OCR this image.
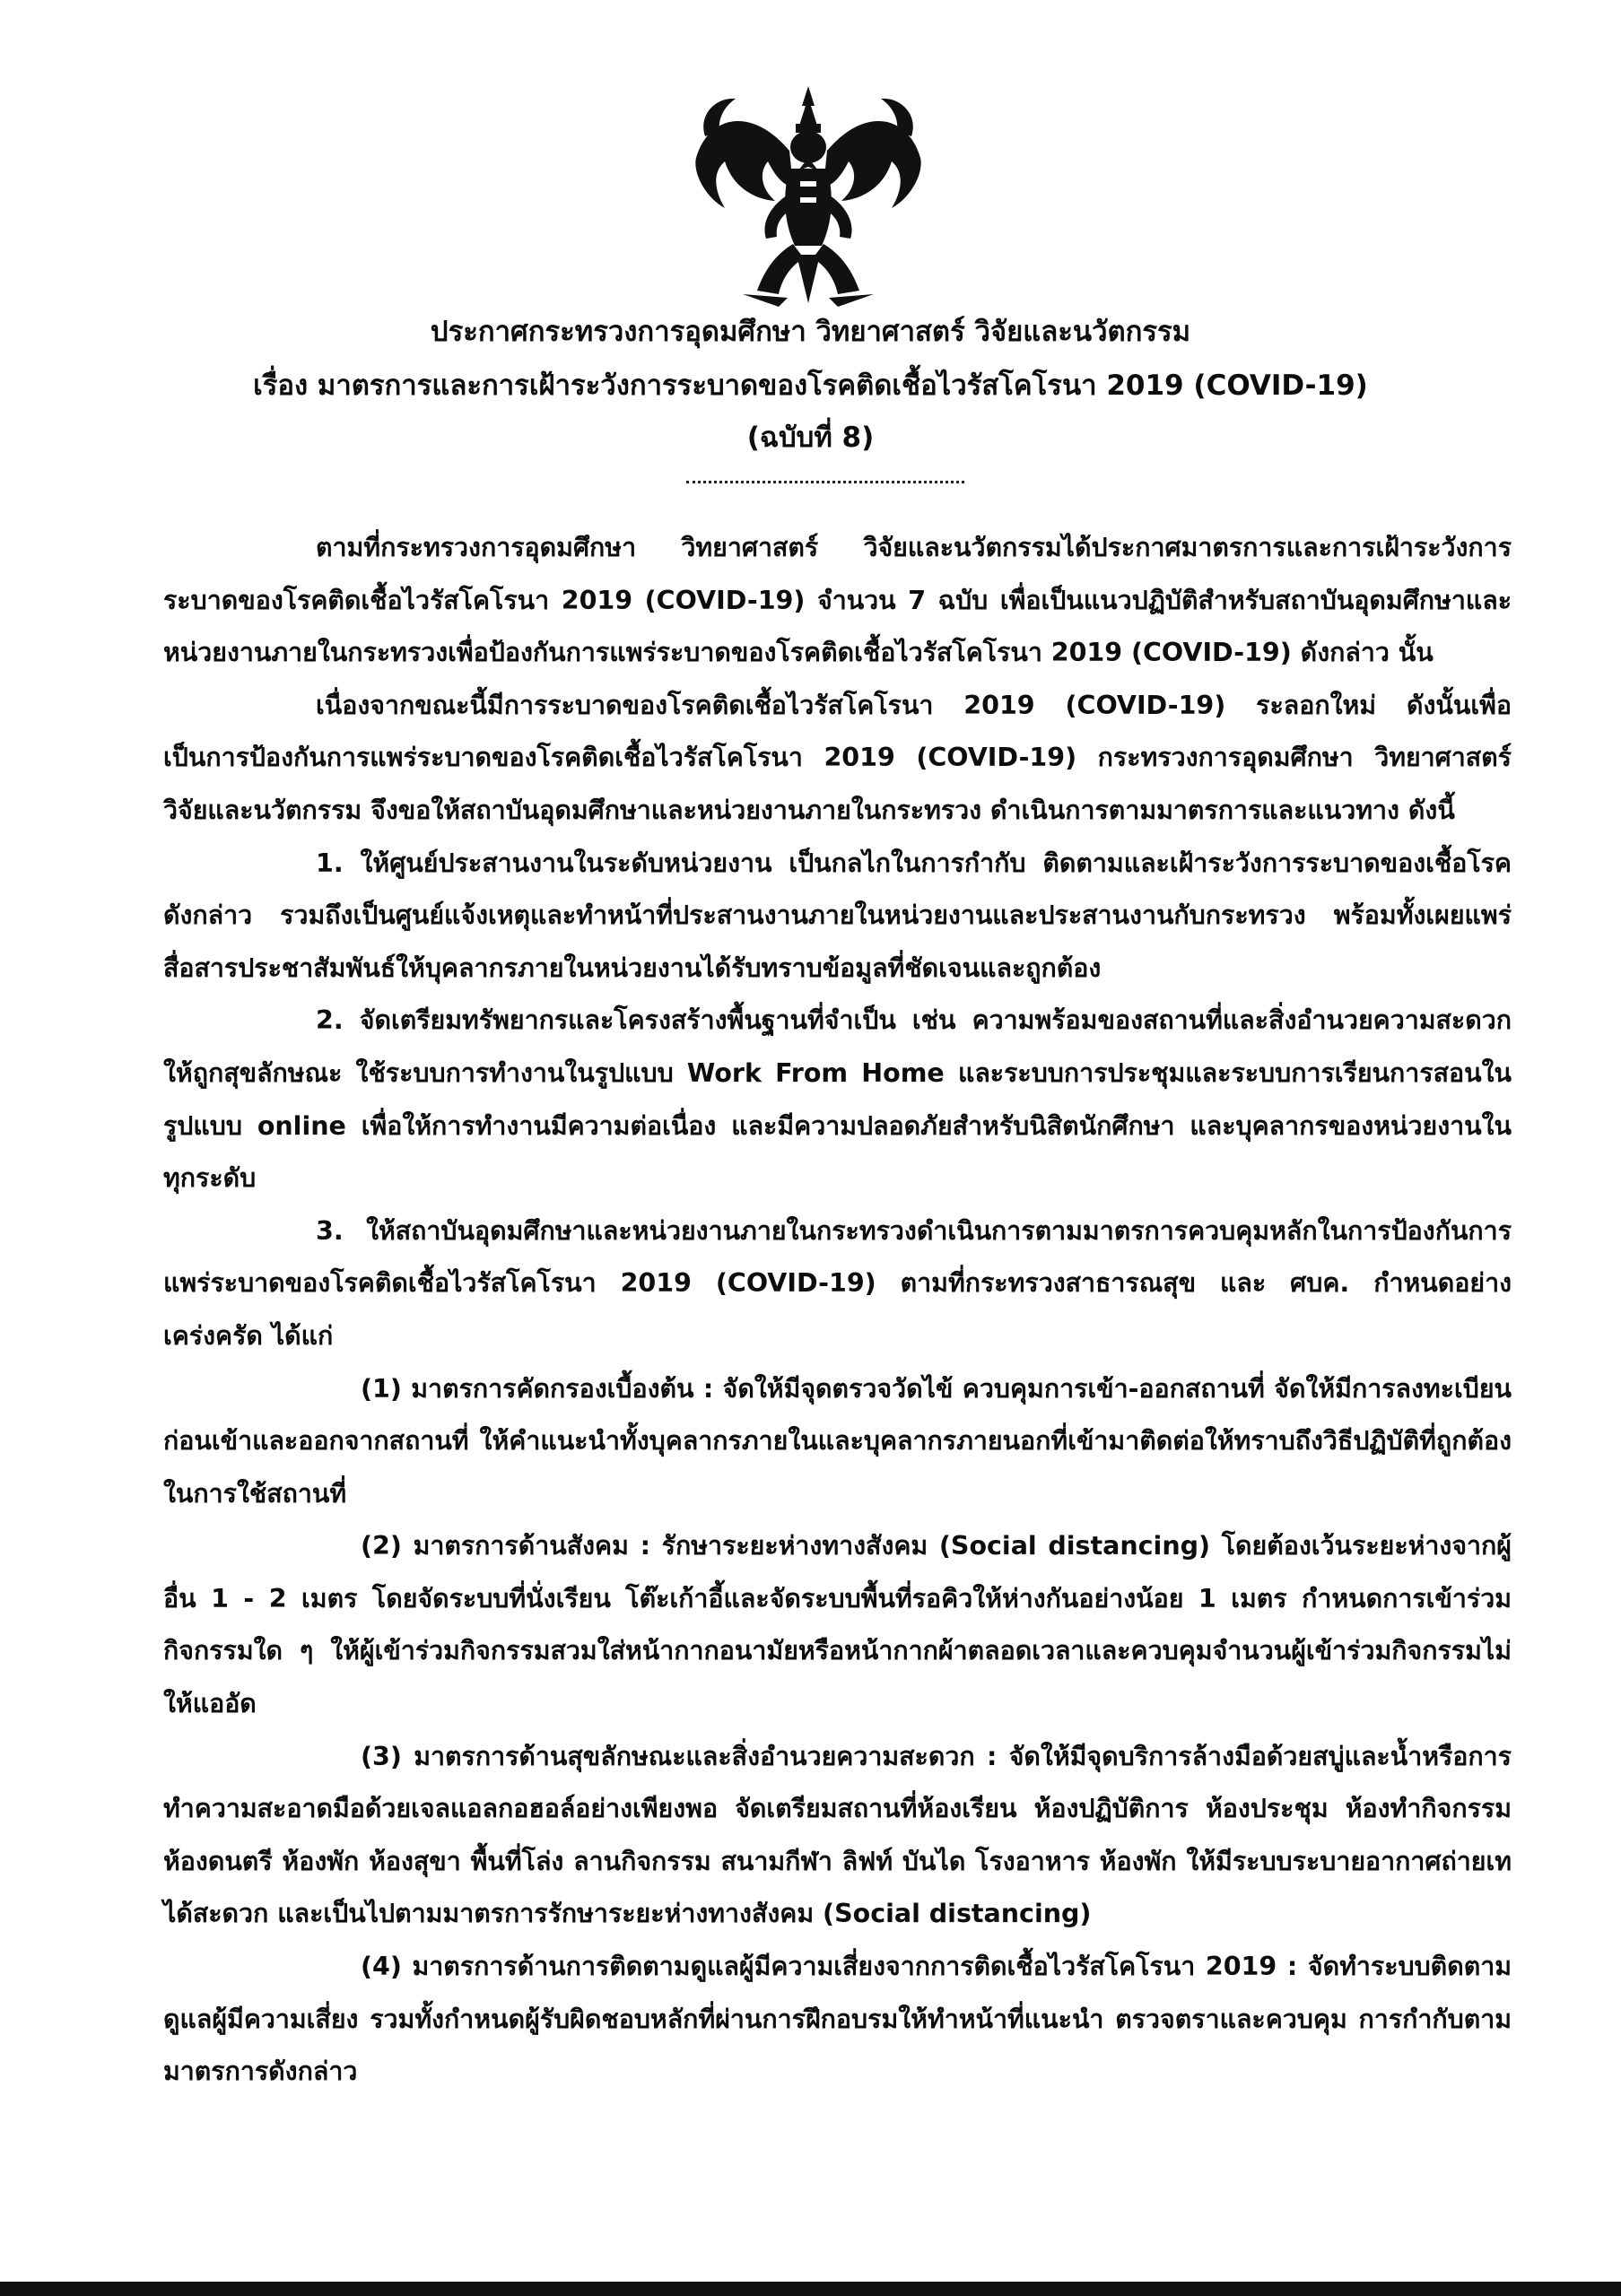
ประกาศกระทรวงการอุดมศึกษา วิทยาศาสตร์ วิจัยและนวัตกรรม
เรื่อง มาตรการและการเฝ้าระวังการระบาดของโรคติดเชื้อไวรัสโคโรนา 2019 (COVID-19)
(ฉบับที่ 8)

ตามที่กระทรวงการอุดมศึกษา วิทยาศาสตร์ วิจัยและนวัตกรรมได้ประกาศมาตรการและการเฝ้าระวังการระบาดของโรคติดเชื้อไวรัสโคโรนา 2019 (COVID-19) จำนวน 7 ฉบับ เพื่อเป็นแนวปฏิบัติสำหรับสถาบันอุดมศึกษาและหน่วยงานภายในกระทรวงเพื่อป้องกันการแพร่ระบาดของโรคติดเชื้อไวรัสโคโรนา 2019 (COVID-19) ดังกล่าว นั้น

เนื่องจากขณะนี้มีการระบาดของโรคติดเชื้อไวรัสโคโรนา 2019 (COVID-19) ระลอกใหม่ ดังนั้นเพื่อเป็นการป้องกันการแพร่ระบาดของโรคติดเชื้อไวรัสโคโรนา 2019 (COVID-19) กระทรวงการอุดมศึกษา วิทยาศาสตร์ วิจัยและนวัตกรรม จึงขอให้สถาบันอุดมศึกษาและหน่วยงานภายในกระทรวง ดำเนินการตามมาตรการและแนวทาง ดังนี้

1. ให้ศูนย์ประสานงานในระดับหน่วยงาน เป็นกลไกในการกำกับ ติดตามและเฝ้าระวังการระบาดของเชื้อโรคดังกล่าว รวมถึงเป็นศูนย์แจ้งเหตุและทำหน้าที่ประสานงานภายในหน่วยงานและประสานงานกับกระทรวง พร้อมทั้งเผยแพร่ สื่อสารประชาสัมพันธ์ให้บุคลากรภายในหน่วยงานได้รับทราบข้อมูลที่ชัดเจนและถูกต้อง

2. จัดเตรียมทรัพยากรและโครงสร้างพื้นฐานที่จำเป็น เช่น ความพร้อมของสถานที่และสิ่งอำนวยความสะดวกให้ถูกสุขลักษณะ ใช้ระบบการทำงานในรูปแบบ Work From Home และระบบการประชุมและระบบการเรียนการสอนในรูปแบบ online เพื่อให้การทำงานมีความต่อเนื่อง และมีความปลอดภัยสำหรับนิสิตนักศึกษา และบุคลากรของหน่วยงานในทุกระดับ

3. ให้สถาบันอุดมศึกษาและหน่วยงานภายในกระทรวงดำเนินการตามมาตรการควบคุมหลักในการป้องกันการแพร่ระบาดของโรคติดเชื้อไวรัสโคโรนา 2019 (COVID-19) ตามที่กระทรวงสาธารณสุข และ ศบค. กำหนดอย่างเคร่งครัด ได้แก่

(1) มาตรการคัดกรองเบื้องต้น : จัดให้มีจุดตรวจวัดไข้ ควบคุมการเข้า-ออกสถานที่ จัดให้มีการลงทะเบียนก่อนเข้าและออกจากสถานที่ ให้คำแนะนำทั้งบุคลากรภายในและบุคลากรภายนอกที่เข้ามาติดต่อให้ทราบถึงวิธีปฏิบัติที่ถูกต้องในการใช้สถานที่

(2) มาตรการด้านสังคม : รักษาระยะห่างทางสังคม (Social distancing) โดยต้องเว้นระยะห่างจากผู้อื่น 1 - 2 เมตร โดยจัดระบบที่นั่งเรียน โต๊ะเก้าอี้และจัดระบบพื้นที่รอคิวให้ห่างกันอย่างน้อย 1 เมตร กำหนดการเข้าร่วมกิจกรรมใด ๆ ให้ผู้เข้าร่วมกิจกรรมสวมใส่หน้ากากอนามัยหรือหน้ากากผ้าตลอดเวลาและควบคุมจำนวนผู้เข้าร่วมกิจกรรมไม่ให้แออัด

(3) มาตรการด้านสุขลักษณะและสิ่งอำนวยความสะดวก : จัดให้มีจุดบริการล้างมือด้วยสบู่และน้ำหรือการทำความสะอาดมือด้วยเจลแอลกอฮอล์อย่างเพียงพอ จัดเตรียมสถานที่ห้องเรียน ห้องปฏิบัติการ ห้องประชุม ห้องทำกิจกรรม ห้องดนตรี ห้องพัก ห้องสุขา พื้นที่โล่ง ลานกิจกรรม สนามกีฬา ลิฟท์ บันได โรงอาหาร ห้องพัก ให้มีระบบระบายอากาศถ่ายเทได้สะดวก และเป็นไปตามมาตรการรักษาระยะห่างทางสังคม (Social distancing)

(4) มาตรการด้านการติดตามดูแลผู้มีความเสี่ยงจากการติดเชื้อไวรัสโคโรนา 2019 : จัดทำระบบติดตามดูแลผู้มีความเสี่ยง รวมทั้งกำหนดผู้รับผิดชอบหลักที่ผ่านการฝึกอบรมให้ทำหน้าที่แนะนำ ตรวจตราและควบคุม การกำกับตามมาตรการดังกล่าว
